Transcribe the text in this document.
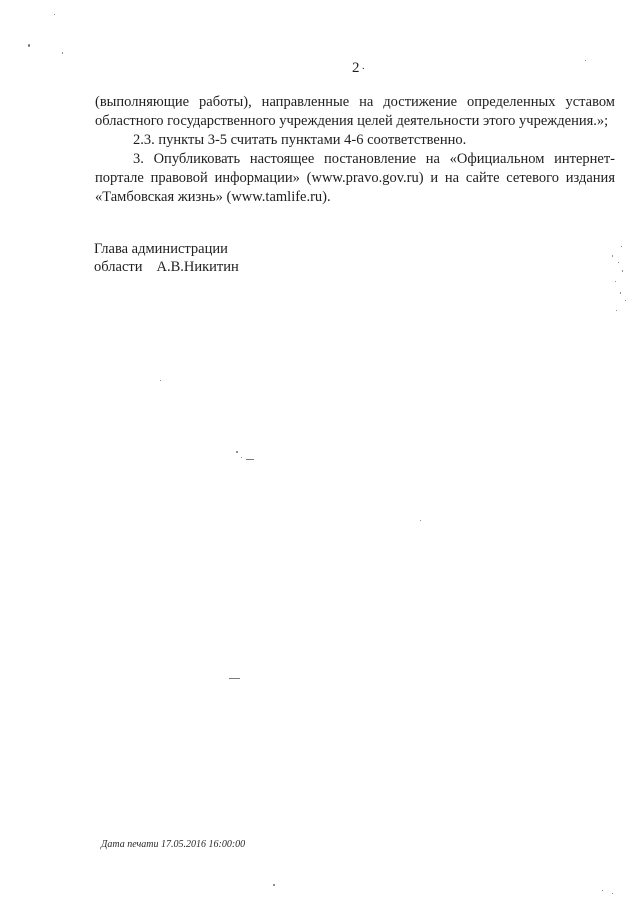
2 ·

(выполняющие работы), направленные на достижение определенных уставом областного государственного учреждения целей деятельности этого учреждения.»;

2.3. пункты 3-5 считать пунктами 4-6 соответственно.

3. Опубликовать настоящее постановление на «Официальном интернет-портале правовой информации» (www.pravo.gov.ru) и на сайте сетевого издания «Тамбовская жизнь» (www.tamlife.ru).

Глава администрации
области А.В.Никитин
Дата печати 17.05.2016 16:00:00
